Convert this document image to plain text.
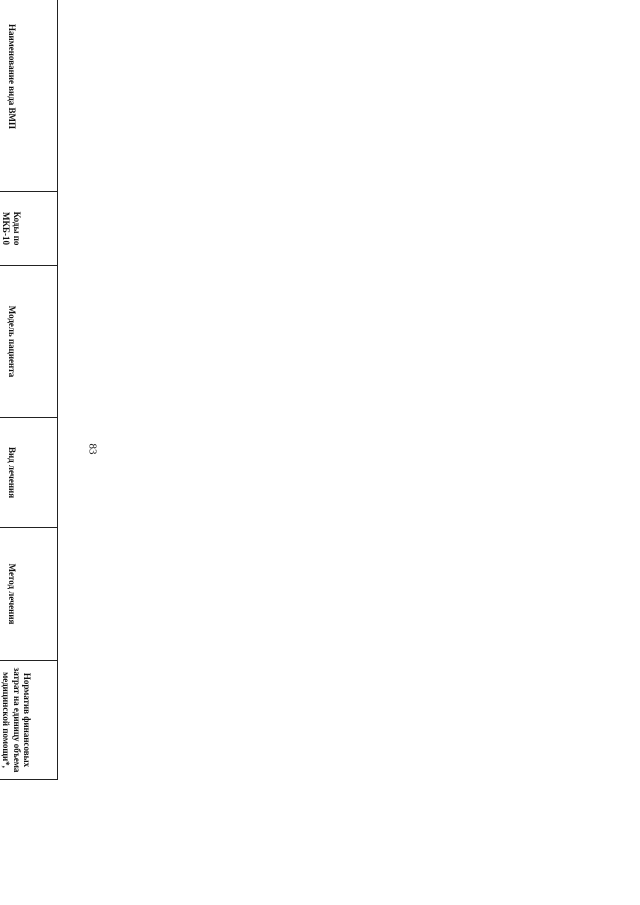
83
	Наименование вида ВМП	Коды по МКБ-10	Модель пациента	Вид лечения	Метод лечения	Норматив финансовых затрат на единицу объема медицинской помощи*,
